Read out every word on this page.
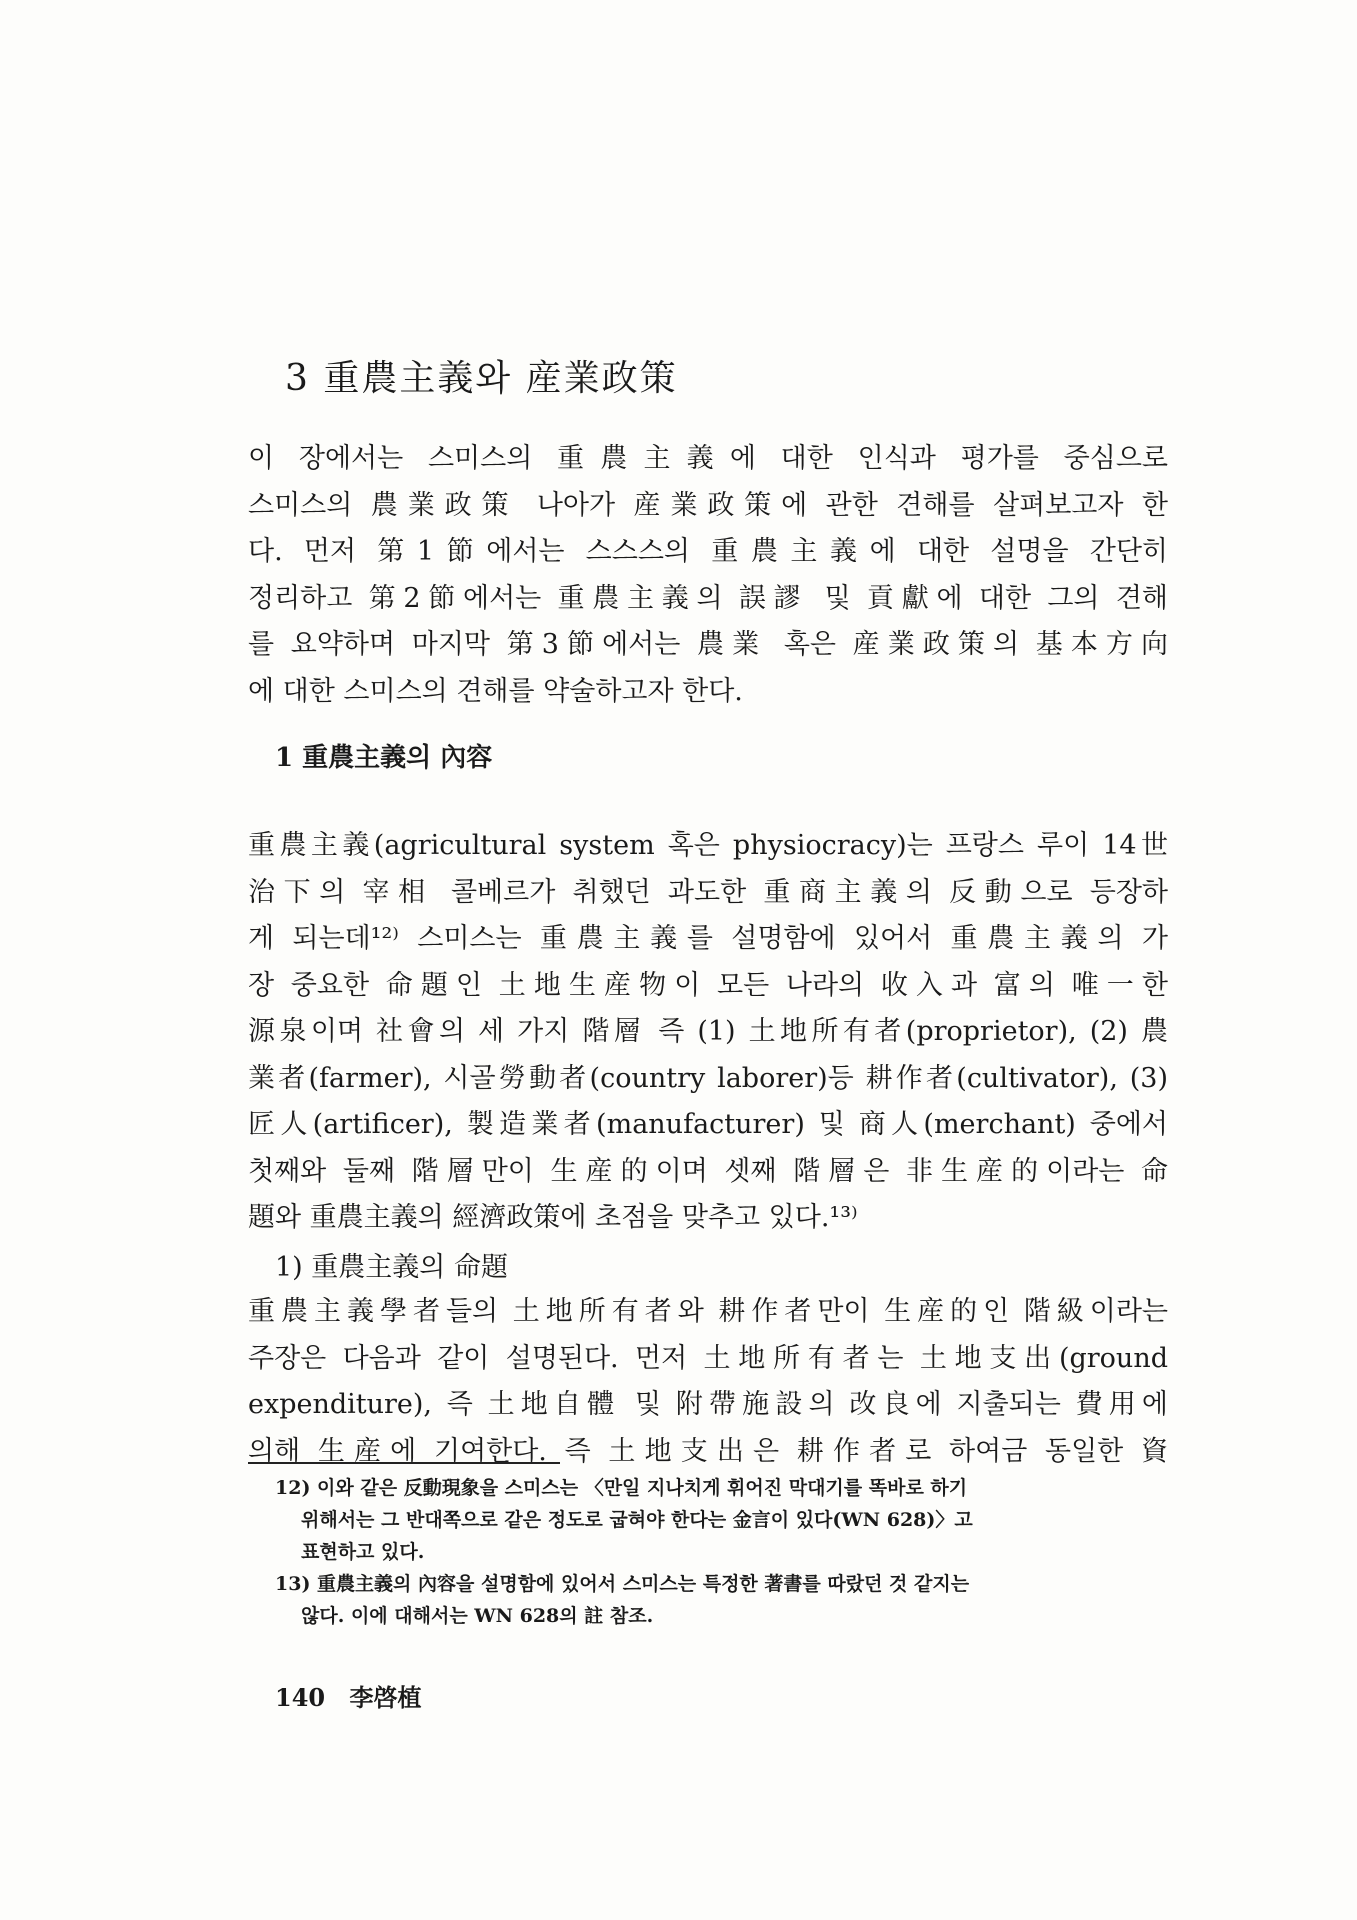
3 重農主義와 産業政策
이 장에서는 스미스의 重農主義에 대한 인식과 평가를 중심으로
스미스의 農業政策 나아가 産業政策에 관한 견해를 살펴보고자 한
다. 먼저 第1節에서는 스스스의 重農主義에 대한 설명을 간단히
정리하고 第2節에서는 重農主義의 誤謬 및 貢獻에 대한 그의 견해
를 요약하며 마지막 第3節에서는 農業 혹은 産業政策의 基本方向
에 대한 스미스의 견해를 약술하고자 한다.
1 重農主義의 內容
重農主義(agricultural system 혹은 physiocracy)는 프랑스 루이 14世
治下의 宰相 콜베르가 취했던 과도한 重商主義의 反動으로 등장하
게 되는데¹²⁾ 스미스는 重農主義를 설명함에 있어서 重農主義의 가
장 중요한 命題인 土地生産物이 모든 나라의 收入과 富의 唯一한
源泉이며 社會의 세 가지 階層 즉 (1) 土地所有者(proprietor), (2) 農
業者(farmer), 시골勞動者(country laborer)등 耕作者(cultivator), (3)
匠人(artificer), 製造業者(manufacturer) 및 商人(merchant) 중에서
첫째와 둘째 階層만이 生産的이며 셋째 階層은 非生産的이라는 命
題와 重農主義의 經濟政策에 초점을 맞추고 있다.¹³⁾
1) 重農主義의 命題
重農主義學者들의 土地所有者와 耕作者만이 生産的인 階級이라는
주장은 다음과 같이 설명된다. 먼저 土地所有者는 土地支出(ground
expenditure), 즉 土地自體 및 附帶施設의 改良에 지출되는 費用에
의해 生産에 기여한다. 즉 土地支出은 耕作者로 하여금 동일한 資
12) 이와 같은 反動現象을 스미스는 〈만일 지나치게 휘어진 막대기를 똑바로 하기
위해서는 그 반대쪽으로 같은 정도로 굽혀야 한다는 金言이 있다(WN 628)〉고
표현하고 있다.
13) 重農主義의 內容을 설명함에 있어서 스미스는 특정한 著書를 따랐던 것 같지는
않다. 이에 대해서는 WN 628의 註 참조.
140 李啓植
